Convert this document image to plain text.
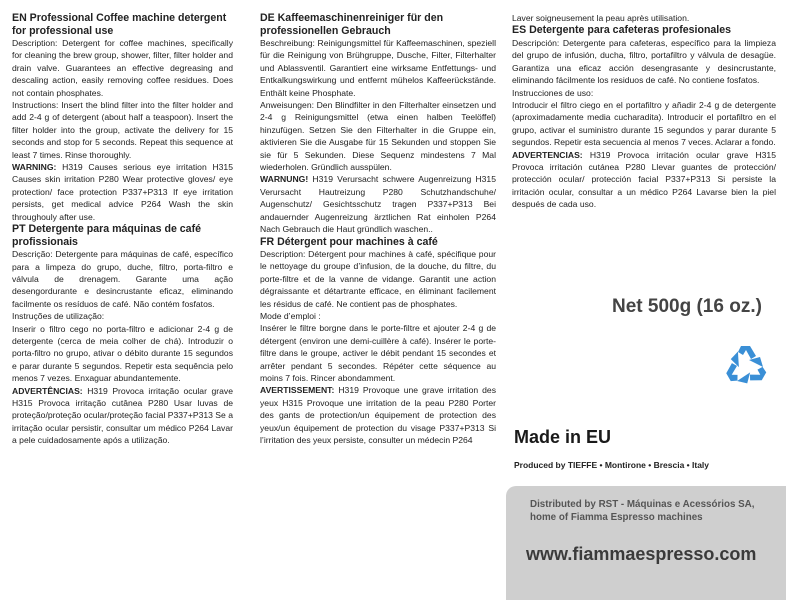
EN Professional Coffee machine detergent for professional use

Description: Detergent for coffee machines, specifically for cleaning the brew group, shower, filter, filter holder and drain valve. Guarantees an effective degreasing and descaling action, easily removing coffee residues. Does not contain phosphates.

Instructions: Insert the blind filter into the filter holder and add 2-4 g of detergent (about half a teaspoon). Insert the filter holder into the group, activate the delivery for 15 seconds and stop for 5 seconds. Repeat this sequence at least 7 times. Rinse thoroughly.

WARNING: H319 Causes serious eye irritation H315 Causes skin irritation P280 Wear protective gloves/ eye protection/ face protection P337+P313 If eye irritation persists, get medical advice P264 Wash the skin throughouly after use.

PT Detergente para máquinas de café profissionais

Descrição: Detergente para máquinas de café, específico para a limpeza do grupo, duche, filtro, porta-filtro e válvula de drenagem. Garante uma ação desengordurante e desincrustante eficaz, eliminando facilmente os resíduos de café. Não contém fosfatos.

Instruções de utilização:

Inserir o filtro cego no porta-filtro e adicionar 2-4 g de detergente (cerca de meia colher de chá). Introduzir o porta-filtro no grupo, ativar o débito durante 15 segundos e parar durante 5 segundos. Repetir esta sequência pelo menos 7 vezes. Enxaguar abundantemente.

ADVERTÊNCIAS: H319 Provoca irritação ocular grave H315 Provoca irritação cutânea P280 Usar luvas de proteção/proteção ocular/proteção facial P337+P313 Se a irritação ocular persistir, consultar um médico P264 Lavar a pele cuidadosamente após a utilização.

DE Kaffeemaschinenreiniger für den professionellen Gebrauch

Beschreibung: Reinigungsmittel für Kaffeemaschinen, speziell für die Reinigung von Brühgruppe, Dusche, Filter, Filterhalter und Ablassventil. Garantiert eine wirksame Entfettungs- und Entkalkungswirkung und entfernt mühelos Kaffeerückstände. Enthält keine Phosphate.

Anweisungen: Den Blindfilter in den Filterhalter einsetzen und 2-4 g Reinigungsmittel (etwa einen halben Teelöffel) hinzufügen. Setzen Sie den Filterhalter in die Gruppe ein, aktivieren Sie die Ausgabe für 15 Sekunden und stoppen Sie sie für 5 Sekunden. Diese Sequenz mindestens 7 Mal wiederholen. Gründlich ausspülen.

WARNUNG! H319 Verursacht schwere Augenreizung H315 Verursacht Hautreizung P280 Schutzhandschuhe/ Augenschutz/ Gesichtsschutz tragen P337+P313 Bei andauernder Augenreizung ärztlichen Rat einholen P264 Nach Gebrauch die Haut gründlich waschen..

FR Détergent pour machines à café

Description: Détergent pour machines à café, spécifique pour le nettoyage du groupe d’infusion, de la douche, du filtre, du porte-filtre et de la vanne de vidange. Garantit une action dégraissante et détartrante efficace, en éliminant facilement les résidus de café. Ne contient pas de phosphates.

Mode d’emploi :

Insérer le filtre borgne dans le porte-filtre et ajouter 2-4 g de détergent (environ une demi-cuillère à café). Insérer le porte-filtre dans le groupe, activer le débit pendant 15 secondes et arrêter pendant 5 secondes. Répéter cette séquence au moins 7 fois. Rincer abondamment.

AVERTISSEMENT: H319 Provoque une grave irritation des yeux H315 Provoque une irritation de la peau P280 Porter des gants de protection/un équipement de protection des yeux/un équipement de protection du visage P337+P313 Si l’irritation des yeux persiste, consulter un médecin P264

Laver soigneusement la peau après utilisation.

ES Detergente para cafeteras profesionales

Descripción: Detergente para cafeteras, específico para la limpieza del grupo de infusión, ducha, filtro, portafiltro y válvula de desagüe. Garantiza una eficaz acción desengrasante y desincrustante, eliminando fácilmente los residuos de café. No contiene fosfatos.

Instrucciones de uso:

Introducir el filtro ciego en el portafiltro y añadir 2-4 g de detergente (aproximadamente media cucharadita). Introducir el portafiltro en el grupo, activar el suministro durante 15 segundos y parar durante 5 segundos. Repetir esta secuencia al menos 7 veces. Aclarar a fondo.

ADVERTENCIAS: H319 Provoca irritación ocular grave H315 Provoca irritación cutánea P280 Llevar guantes de protección/ protección ocular/ protección facial P337+P313 Si persiste la irritación ocular, consultar a un médico P264 Lavarse bien la piel después de cada uso.

Net 500g (16 oz.)
Made in EU
Produced by TIEFFE • Montirone • Brescia • Italy
Distributed by RST - Máquinas e Acessórios SA, home of Fiamma Espresso machines
www.fiammaespresso.com
